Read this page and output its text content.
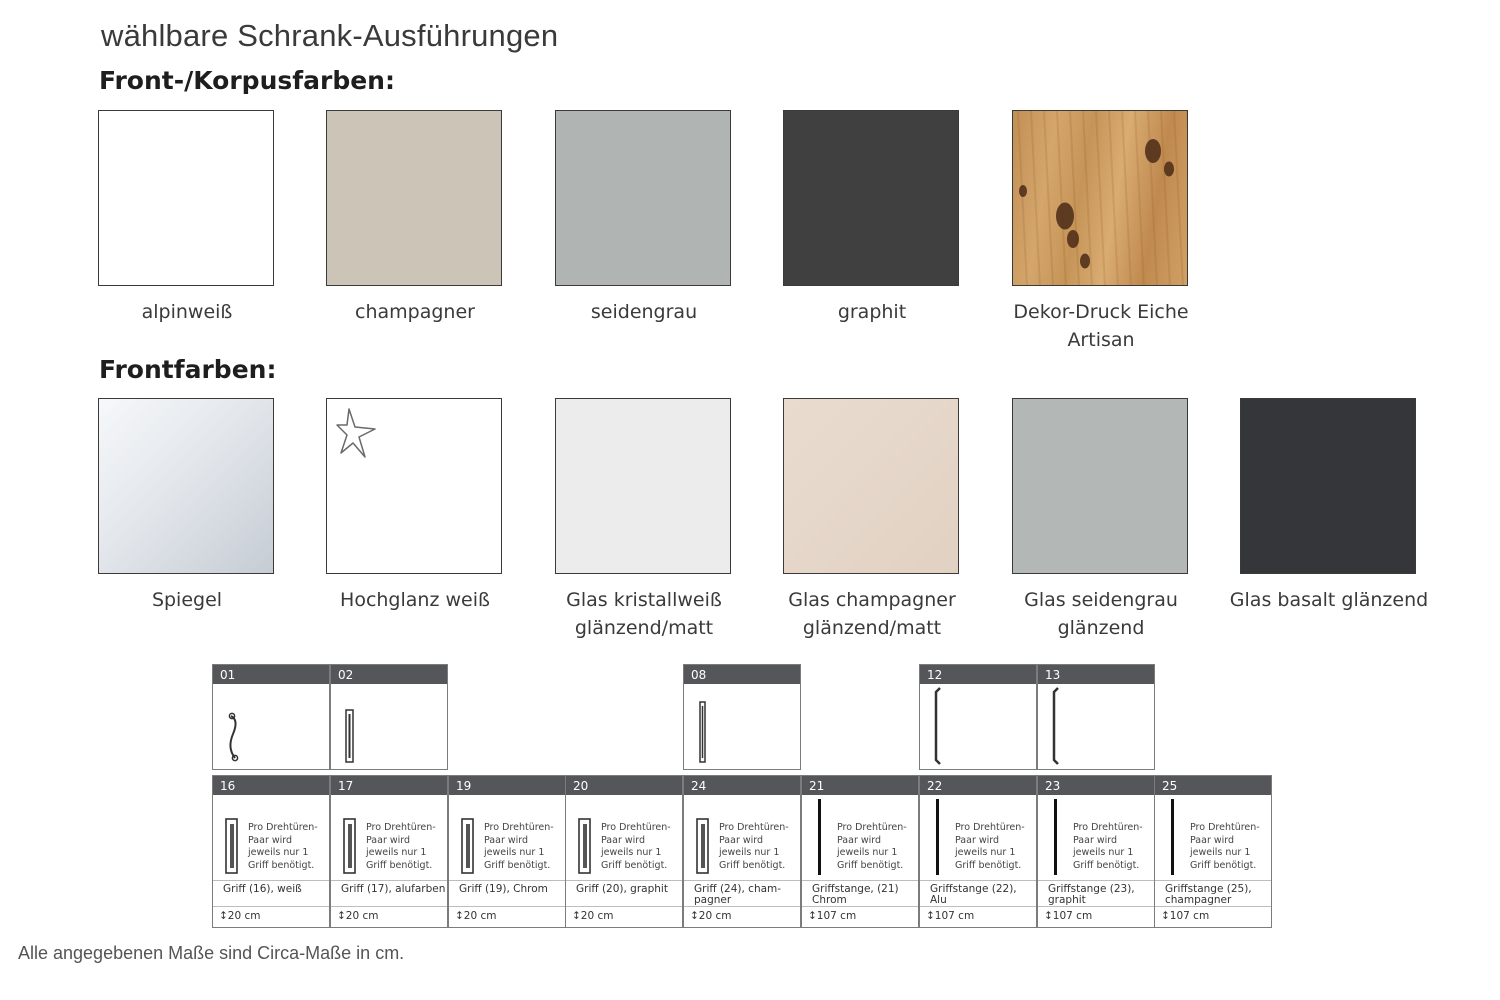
wählbare Schrank-Ausführungen
Front-/Korpusfarben:
Frontfarben:
alpinweiß	champagner	seidengrau	graphit	Dekor-Druck Eiche Artisan
Spiegel	Hochglanz weiß	Glas kristallweiß glänzend/matt
Glas champagner glänzend/matt
Glas seidengrau glänzend
Glas basalt glänzend
01	02	08	12	13
16
Pro Drehtüren-
Paar wird
jeweils nur 1
Griff benötigt.
Griff (16), weiß
↕20 cm
17
Pro Drehtüren-
Paar wird
jeweils nur 1
Griff benötigt.
Griff (17), alufarben
↕20 cm
19
Pro Drehtüren-
Paar wird
jeweils nur 1
Griff benötigt.
Griff (19), Chrom
↕20 cm
20
Pro Drehtüren-
Paar wird
jeweils nur 1
Griff benötigt.
Griff (20), graphit
↕20 cm
24
Pro Drehtüren-
Paar wird
jeweils nur 1
Griff benötigt.
Griff (24), cham-
pagner
↕20 cm
21
Pro Drehtüren-
Paar wird
jeweils nur 1
Griff benötigt.
Griffstange, (21)
Chrom
↕107 cm
22
Pro Drehtüren-
Paar wird
jeweils nur 1
Griff benötigt.
Griffstange (22),
Alu
↕107 cm
23
Pro Drehtüren-
Paar wird
jeweils nur 1
Griff benötigt.
Griffstange (23),
graphit
↕107 cm
25
Pro Drehtüren-
Paar wird
jeweils nur 1
Griff benötigt.
Griffstange (25),
champagner
↕107 cm
Alle angegebenen Maße sind Circa-Maße in cm.
